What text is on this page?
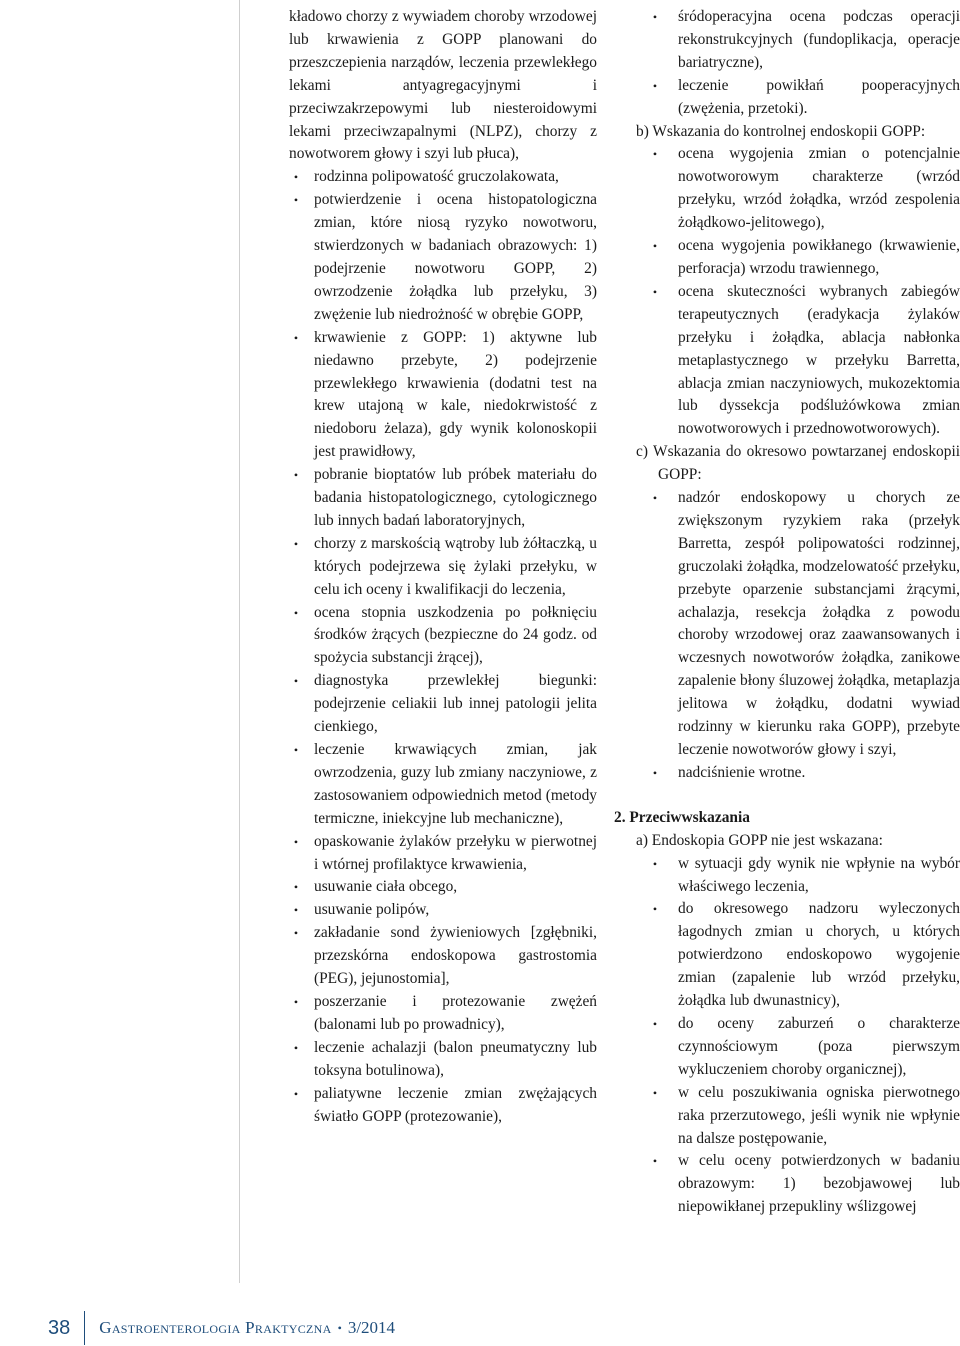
kładowo chorzy z wywiadem choroby wrzodowej lub krwawienia z GOPP planowani do przeszczepienia narządów, leczenia przewlekłego lekami antyagregacyjnymi i przeciwzakrzepowymi lub niesteroidowymi lekami przeciwzapalnymi (NLPZ), chorzy z nowotworem głowy i szyi lub płuca),

•	rodzinna polipowatość gruczolakowata,
•	potwierdzenie i ocena histopatologiczna zmian, które niosą ryzyko nowotworu, stwierdzonych w badaniach obrazowych: 1) podejrzenie nowotworu GOPP, 2) owrzodzenie żołądka lub przełyku, 3) zwężenie lub niedrożność w obrębie GOPP,
•	krwawienie z GOPP: 1) aktywne lub niedawno przebyte, 2) podejrzenie przewlekłego krwawienia (dodatni test na krew utajoną w kale, niedokrwistość z niedoboru żelaza), gdy wynik kolonoskopii jest prawidłowy,
•	pobranie bioptatów lub próbek materiału do badania histopatologicznego, cytologicznego lub innych badań laboratoryjnych,
•	chorzy z marskością wątroby lub żółtaczką, u których podejrzewa się żylaki przełyku, w celu ich oceny i kwalifikacji do leczenia,
•	ocena stopnia uszkodzenia po połknięciu środków żrących (bezpieczne do 24 godz. od spożycia substancji żrącej),
•	diagnostyka przewlekłej biegunki: podejrzenie celiakii lub innej patologii jelita cienkiego,
•	leczenie krwawiących zmian, jak owrzodzenia, guzy lub zmiany naczyniowe, z zastosowaniem odpowiednich metod (metody termiczne, iniekcyjne lub mechaniczne),
•	opaskowanie żylaków przełyku w pierwotnej i wtórnej profilaktyce krwawienia,
•	usuwanie ciała obcego,
•	usuwanie polipów,
•	zakładanie sond żywieniowych [zgłębniki, przezskórna endoskopowa gastrostomia (PEG), jejunostomia],
•	poszerzanie i protezowanie zwężeń (balonami lub po prowadnicy),
•	leczenie achalazji (balon pneumatyczny lub toksyna botulinowa),
•	paliatywne leczenie zmian zwężających światło GOPP (protezowanie),
•	śródoperacyjna ocena podczas operacji rekonstrukcyjnych (fundoplikacja, operacje bariatryczne),
•	leczenie powikłań pooperacyjnych (zwężenia, przetoki).

b) Wskazania do kontrolnej endoskopii GOPP:

•	ocena wygojenia zmian o potencjalnie nowotworowym charakterze (wrzód przełyku, wrzód żołądka, wrzód zespolenia żołądkowo-jelitowego),
•	ocena wygojenia powikłanego (krwawienie, perforacja) wrzodu trawiennego,
•	ocena skuteczności wybranych zabiegów terapeutycznych (eradykacja żylaków przełyku i żołądka, ablacja nabłonka metaplastycznego w przełyku Barretta, ablacja zmian naczyniowych, mukozektomia lub dyssekcja podślużówkowa zmian nowotworowych i przednowotworowych).

c) Wskazania do okresowo powtarzanej endoskopii GOPP:

•	nadzór endoskopowy u chorych ze zwiększonym ryzykiem raka (przełyk Barretta, zespół polipowatości rodzinnej, gruczolaki żołądka, modzelowatość przełyku, przebyte oparzenie substancjami żrącymi, achalazja, resekcja żołądka z powodu choroby wrzodowej oraz zaawansowanych i wczesnych nowotworów żołądka, zanikowe zapalenie błony śluzowej żołądka, metaplazja jelitowa w żołądku, dodatni wywiad rodzinny w kierunku raka GOPP), przebyte leczenie nowotworów głowy i szyi,
•	nadciśnienie wrotne.

2. Przeciwwskazania

a) Endoskopia GOPP nie jest wskazana:

•	w sytuacji gdy wynik nie wpłynie na wybór właściwego leczenia,
•	do okresowego nadzoru wyleczonych łagodnych zmian u chorych, u których potwierdzono endoskopowo wygojenie zmian (zapalenie lub wrzód przełyku, żołądka lub dwunastnicy),
•	do oceny zaburzeń o charakterze czynnościowym (poza pierwszym wykluczeniem choroby organicznej),
•	w celu poszukiwania ogniska pierwotnego raka przerzutowego, jeśli wynik nie wpłynie na dalsze postępowanie,
•	w celu oceny potwierdzonych w badaniu obrazowym: 1) bezobjawowej lub niepowikłanej przepukliny wślizgowej
38 Gastroenterologia Praktyczna • 3/2014
